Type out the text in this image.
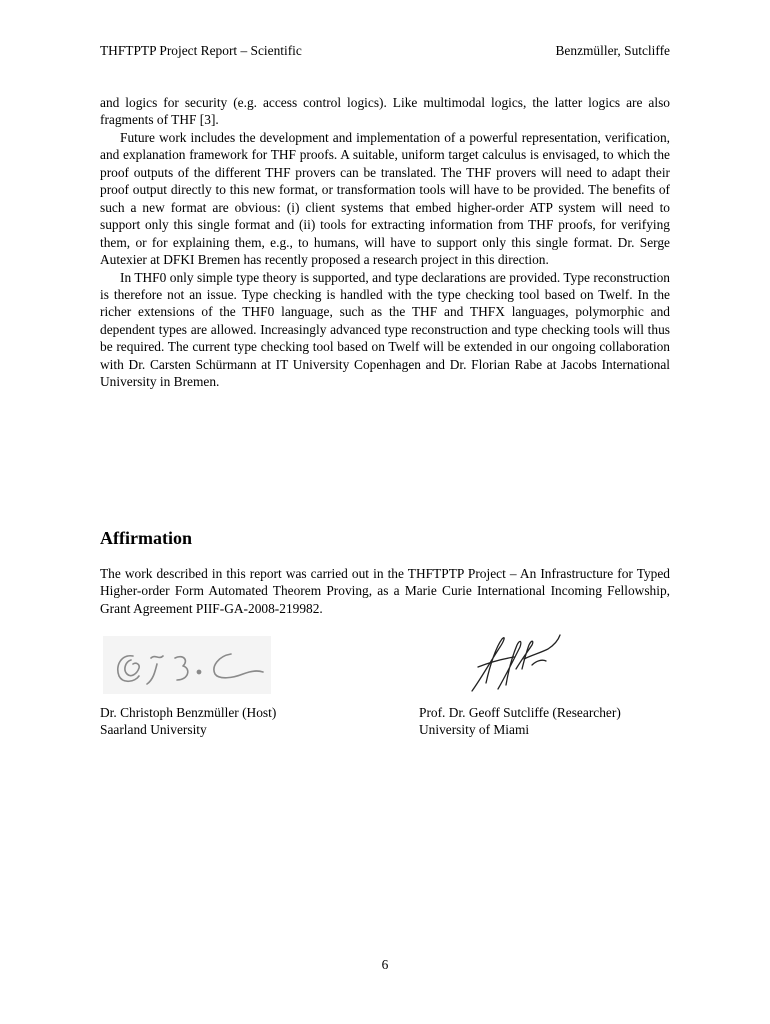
THFTPTP Project Report – Scientific	Benzmüller, Sutcliffe

and logics for security (e.g. access control logics). Like multimodal logics, the latter logics are also fragments of THF [3].

Future work includes the development and implementation of a powerful representation, verification, and explanation framework for THF proofs. A suitable, uniform target calculus is envisaged, to which the proof outputs of the different THF provers can be translated. The THF provers will need to adapt their proof output directly to this new format, or transformation tools will have to be provided. The benefits of such a new format are obvious: (i) client systems that embed higher-order ATP system will need to support only this single format and (ii) tools for extracting information from THF proofs, for verifying them, or for explaining them, e.g., to humans, will have to support only this single format. Dr. Serge Autexier at DFKI Bremen has recently proposed a research project in this direction.

In THF0 only simple type theory is supported, and type declarations are provided. Type reconstruction is therefore not an issue. Type checking is handled with the type checking tool based on Twelf. In the richer extensions of the THF0 language, such as the THF and THFX languages, polymorphic and dependent types are allowed. Increasingly advanced type reconstruction and type checking tools will thus be required. The current type checking tool based on Twelf will be extended in our ongoing collaboration with Dr. Carsten Schürmann at IT University Copenhagen and Dr. Florian Rabe at Jacobs International University in Bremen.

Affirmation

The work described in this report was carried out in the THFTPTP Project – An Infrastructure for Typed Higher-order Form Automated Theorem Proving, as a Marie Curie International Incoming Fellowship, Grant Agreement PIIF-GA-2008-219982.

Dr. Christoph Benzmüller (Host)
Saarland University
Prof. Dr. Geoff Sutcliffe (Researcher)
University of Miami
6
